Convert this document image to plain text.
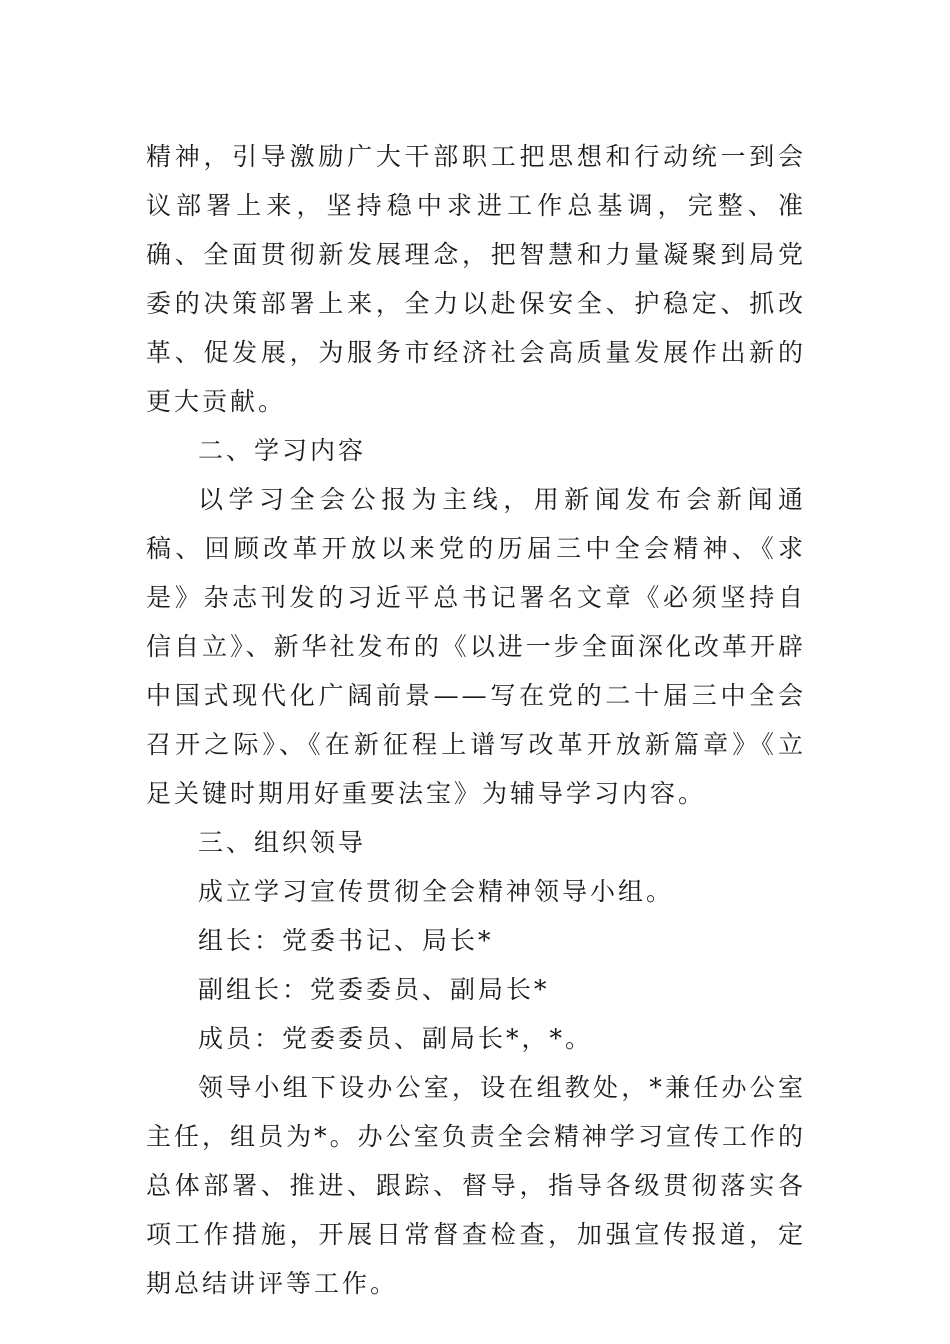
精神，引导激励广大干部职工把思想和行动统一到会议部署上来，坚持稳中求进工作总基调，完整、准确、全面贯彻新发展理念，把智慧和力量凝聚到局党委的决策部署上来，全力以赴保安全、护稳定、抓改革、促发展，为服务市经济社会高质量发展作出新的更大贡献。

二、学习内容

以学习全会公报为主线，用新闻发布会新闻通稿、回顾改革开放以来党的历届三中全会精神、《求是》杂志刊发的习近平总书记署名文章《必须坚持自信自立》、新华社发布的《以进一步全面深化改革开辟中国式现代化广阔前景——写在党的二十届三中全会召开之际》、《在新征程上谱写改革开放新篇章》《立足关键时期用好重要法宝》为辅导学习内容。

三、组织领导

成立学习宣传贯彻全会精神领导小组。

组长：党委书记、局长*

副组长：党委委员、副局长*

成员：党委委员、副局长*，*。

领导小组下设办公室，设在组教处，*兼任办公室主任，组员为*。办公室负责全会精神学习宣传工作的总体部署、推进、跟踪、督导，指导各级贯彻落实各项工作措施，开展日常督查检查，加强宣传报道，定期总结讲评等工作。
